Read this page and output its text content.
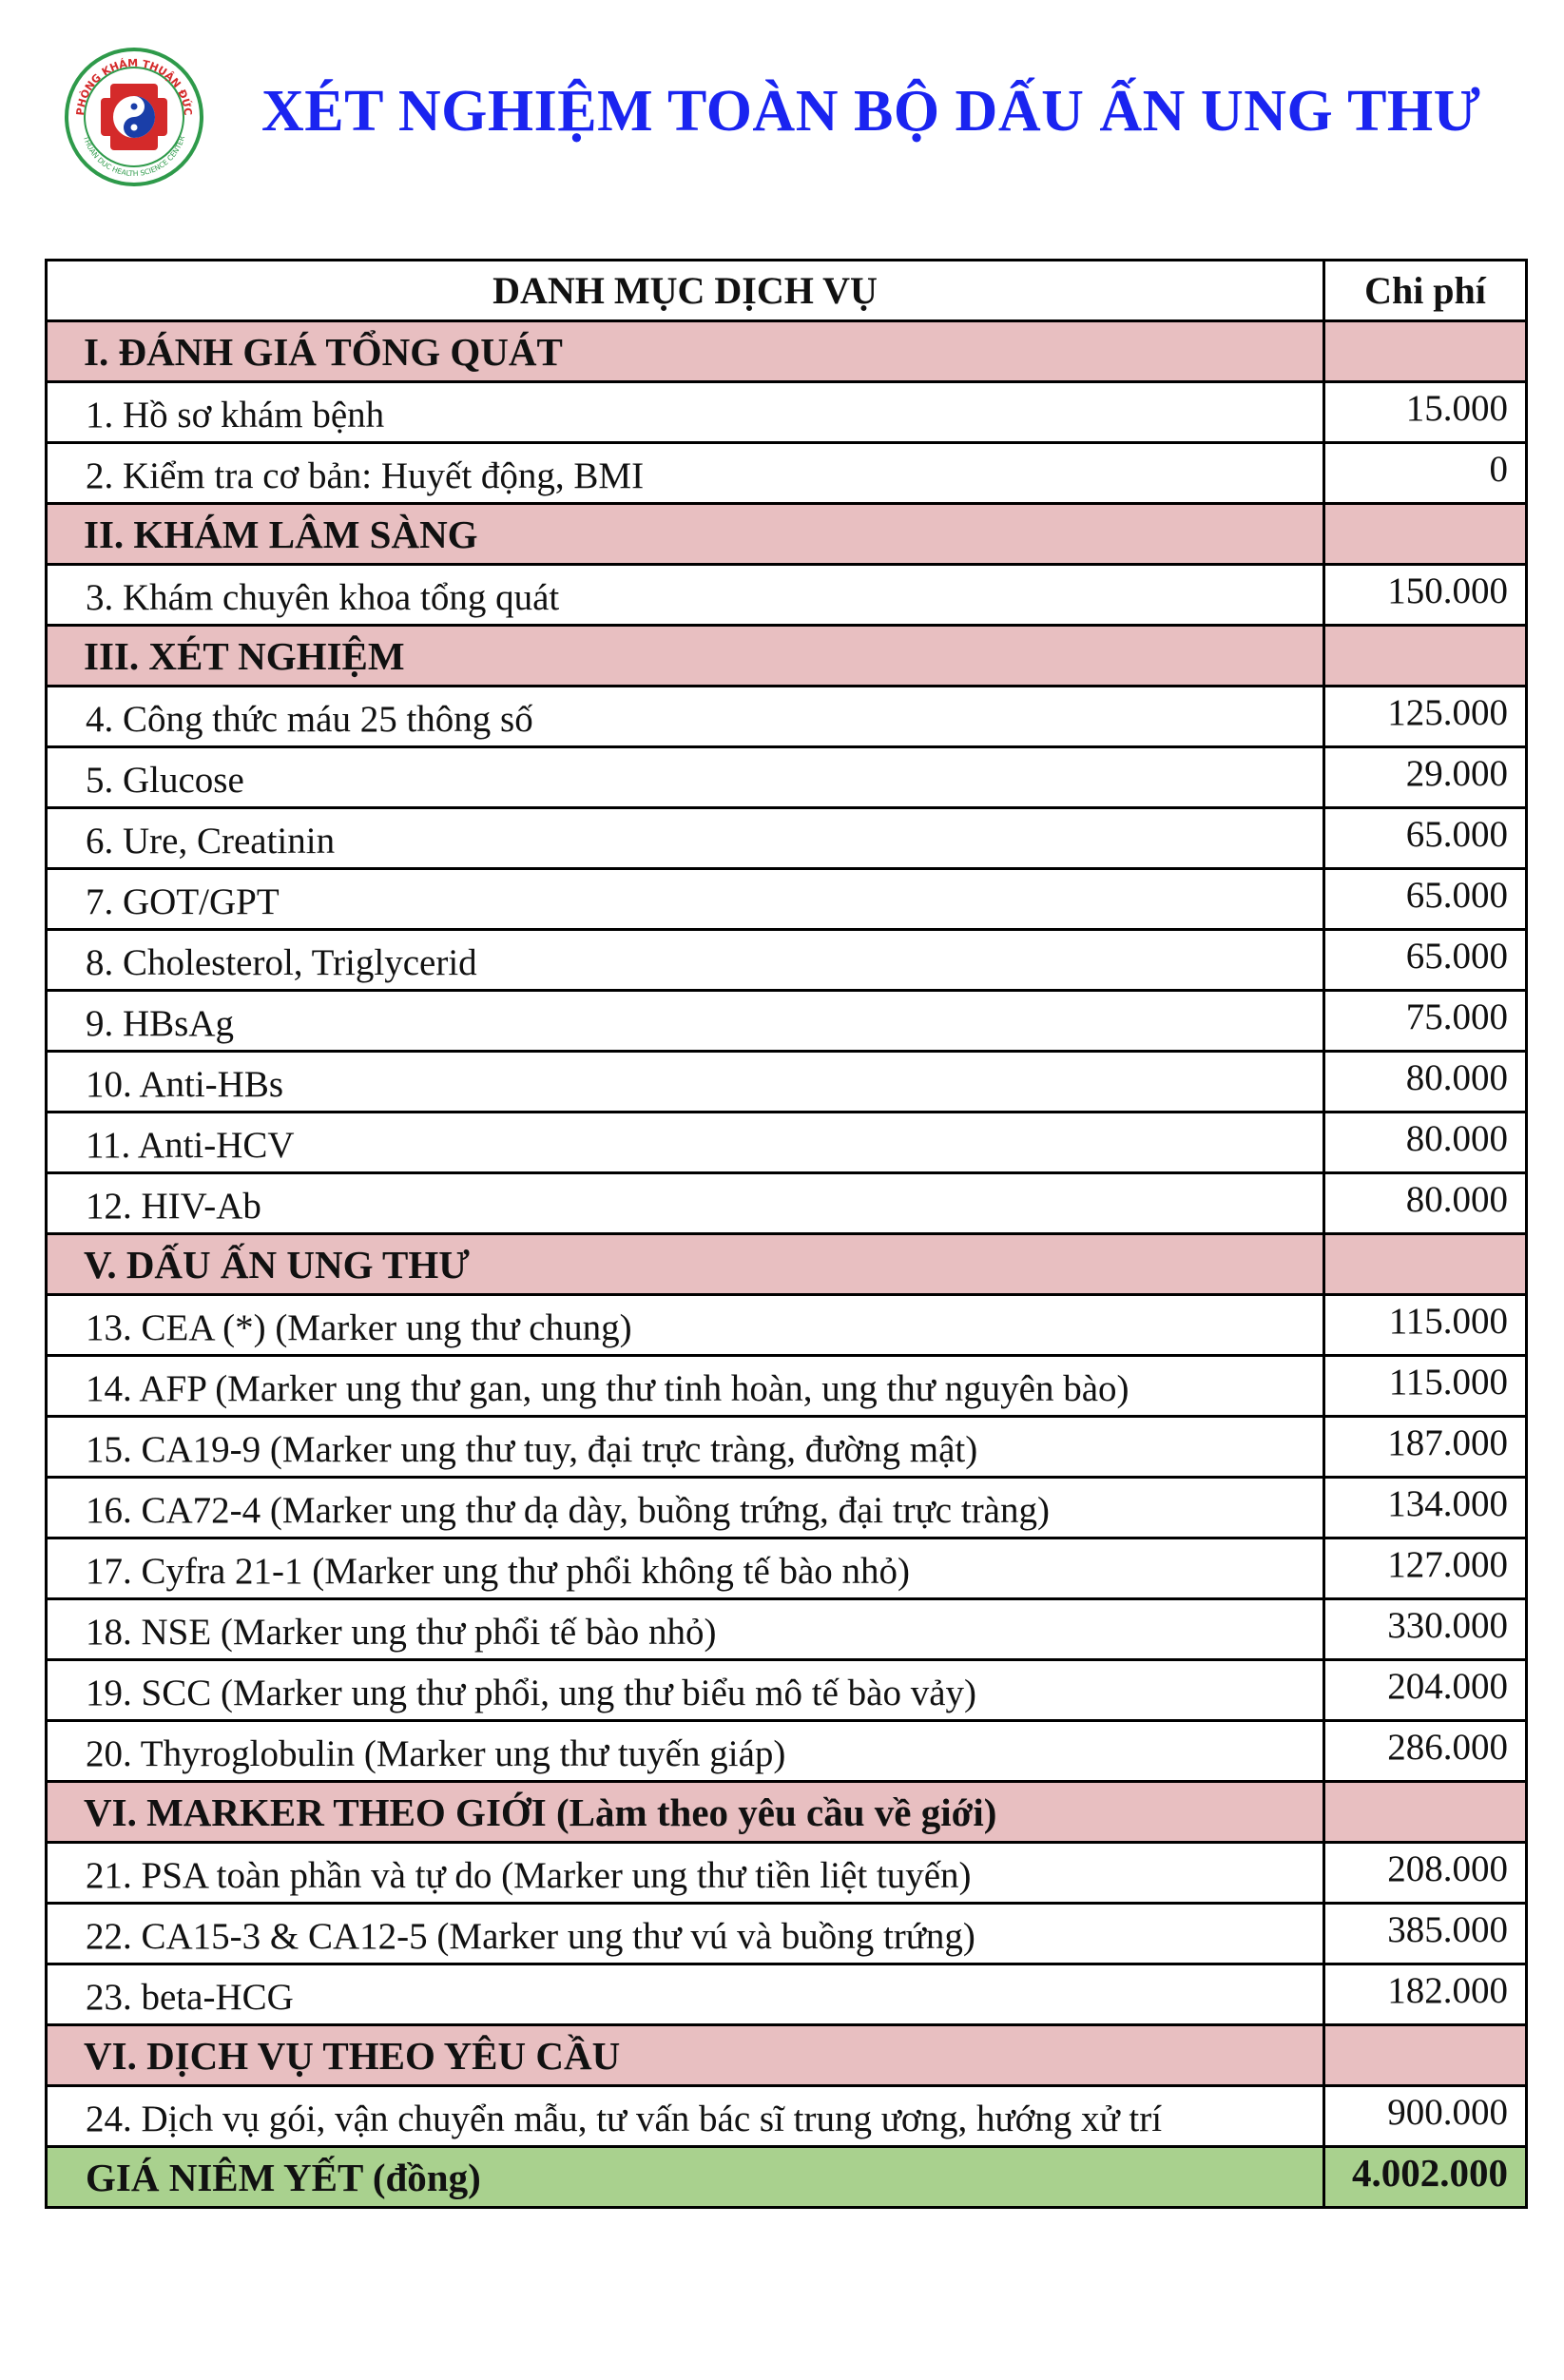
PHÒNG KHÁM THUẬN ĐỨC
THUAN DUC HEALTH SCIENCE CENTER XÉT NGHIỆM TOÀN BỘ DẤU ẤN UNG THƯ
DANH MỤC DỊCH VỤ	Chi phí
I. ĐÁNH GIÁ TỔNG QUÁT	
1. Hồ sơ khám bệnh	15.000
2. Kiểm tra cơ bản: Huyết động, BMI	0
II. KHÁM LÂM SÀNG	
3. Khám chuyên khoa tổng quát	150.000
III. XÉT NGHIỆM	
4. Công thức máu 25 thông số	125.000
5. Glucose	29.000
6. Ure, Creatinin	65.000
7. GOT/GPT	65.000
8. Cholesterol, Triglycerid	65.000
9. HBsAg	75.000
10. Anti-HBs	80.000
11. Anti-HCV	80.000
12. HIV-Ab	80.000
V. DẤU ẤN UNG THƯ	
13. CEA (*) (Marker ung thư chung)	115.000
14. AFP (Marker ung thư gan, ung thư tinh hoàn, ung thư nguyên bào)	115.000
15. CA19-9 (Marker ung thư tuy, đại trực tràng, đường mật)	187.000
16. CA72-4 (Marker ung thư dạ dày, buồng trứng, đại trực tràng)	134.000
17. Cyfra 21-1 (Marker ung thư phổi không tế bào nhỏ)	127.000
18. NSE (Marker ung thư phổi tế bào nhỏ)	330.000
19. SCC (Marker ung thư phổi, ung thư biểu mô tế bào vảy)	204.000
20. Thyroglobulin (Marker ung thư tuyến giáp)	286.000
VI. MARKER THEO GIỚI (Làm theo yêu cầu về giới)	
21. PSA toàn phần và tự do (Marker ung thư tiền liệt tuyến)	208.000
22. CA15-3 & CA12-5 (Marker ung thư vú và buồng trứng)	385.000
23. beta-HCG	182.000
VI. DỊCH VỤ THEO YÊU CẦU	
24. Dịch vụ gói, vận chuyển mẫu, tư vấn bác sĩ trung ương, hướng xử trí	900.000
GIÁ NIÊM YẾT (đồng)	4.002.000
